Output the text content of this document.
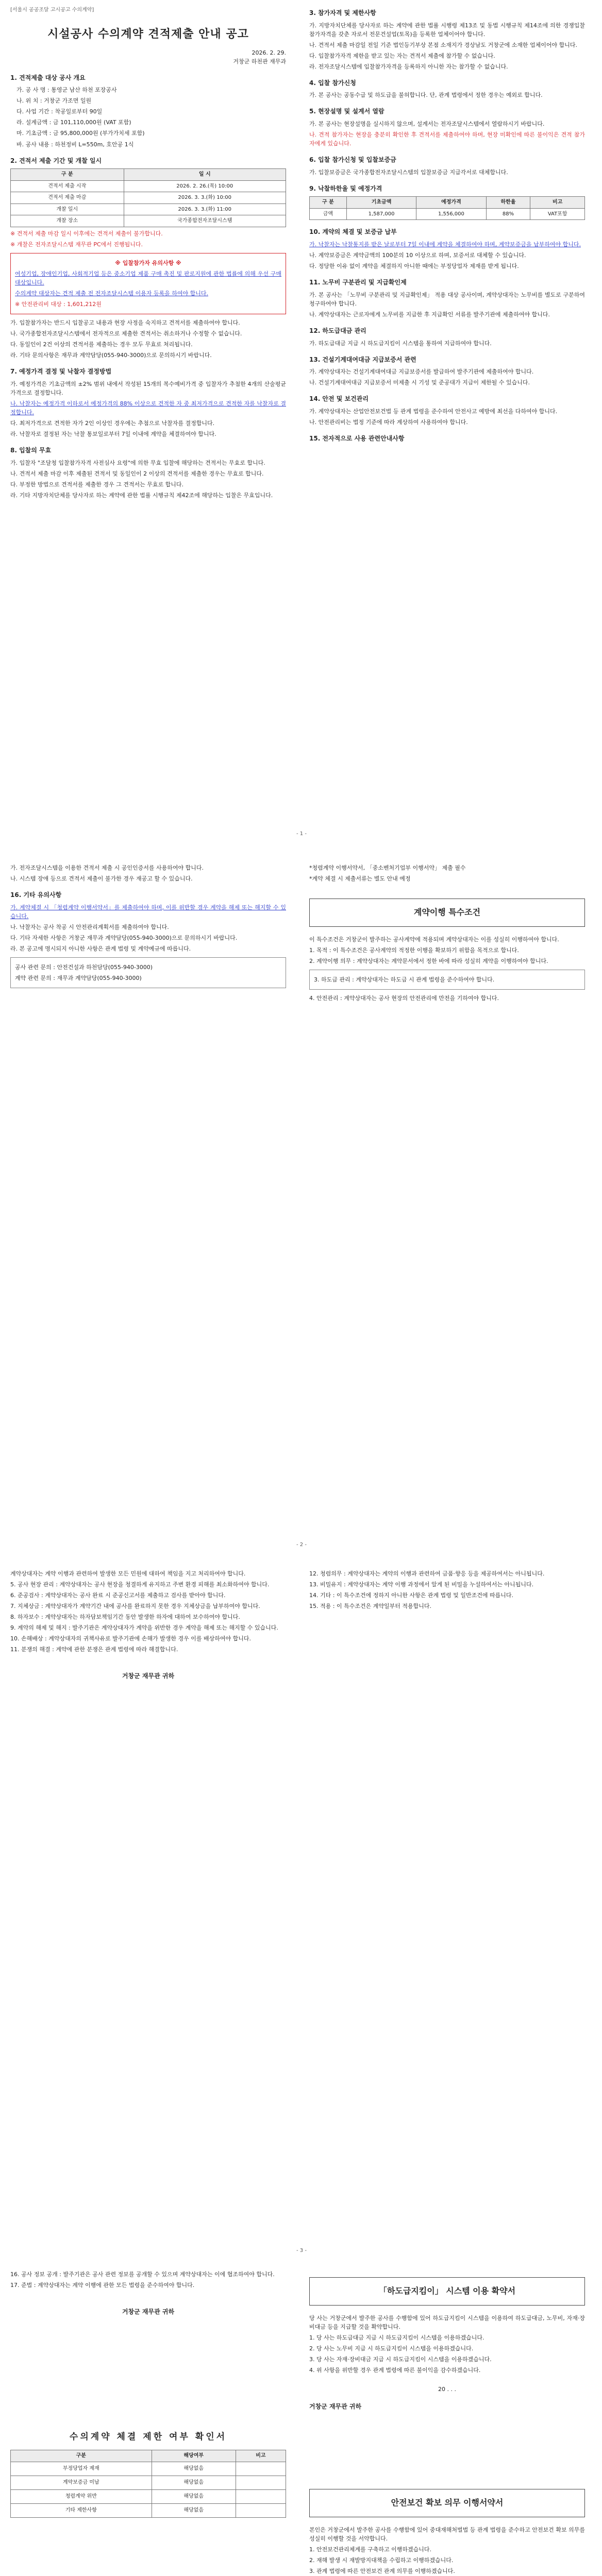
[서울시 공공조달 고시공고 수의계약]
시설공사 수의계약 견적제출 안내 공고
2026. 2. 29.
거창군 하천관 재무과
1. 견적제출 대상 공사 개요
가. 공 사 명 : 통영군 남산 하천 포장공사
나. 위 치 : 거창군 가조면 일원
다. 사업 기간 : 착공일로부터 90일
라. 설계금액 : 금 101,110,000원 (VAT 포함)
마. 기초금액 : 금 95,800,000원 (부가가치세 포함)
바. 공사 내용 : 하천정비 L=550m, 호안공 1식
2. 견적서 제출 기간 및 개찰 일시
구 분	일 시
견적서 제출 시작	2026. 2. 26.(목) 10:00
견적서 제출 마감	2026. 3. 3.(화) 10:00
개찰 일시	2026. 3. 3.(화) 11:00
개찰 장소	국가종합전자조달시스템
※ 견적서 제출 마감 일시 이후에는 견적서 제출이 불가합니다.
※ 개찰은 전자조달시스템 재무관 PC에서 진행됩니다.
※ 입찰참가자 유의사항 ※
여성기업, 장애인기업, 사회적기업 등은 중소기업 제품 구매 촉진 및 판로지원에 관한 법률에 의해 우선 구매 대상입니다.
수의계약 대상자는 견적 제출 전 전자조달시스템 이용자 등록을 하여야 합니다.
※ 안전관리비 대상 : 1,601,212원
가. 입찰참가자는 반드시 입찰공고 내용과 현장 사정을 숙지하고 견적서를 제출하여야 합니다.
나. 국가종합전자조달시스템에서 전자적으로 제출한 견적서는 취소하거나 수정할 수 없습니다.
다. 동일인이 2건 이상의 견적서를 제출하는 경우 모두 무효로 처리됩니다.
라. 기타 문의사항은 재무과 계약담당(055-940-3000)으로 문의하시기 바랍니다.
7. 예정가격 결정 및 낙찰자 결정방법
가. 예정가격은 기초금액의 ±2% 범위 내에서 작성된 15개의 복수예비가격 중 입찰자가 추첨한 4개의 산술평균 가격으로 결정합니다.
나. 낙찰자는 예정가격 이하로서 예정가격의 88% 이상으로 견적한 자 중 최저가격으로 견적한 자를 낙찰자로 결정합니다.
다. 최저가격으로 견적한 자가 2인 이상인 경우에는 추첨으로 낙찰자를 결정합니다.
라. 낙찰자로 결정된 자는 낙찰 통보일로부터 7일 이내에 계약을 체결하여야 합니다.
8. 입찰의 무효
가. 입찰자 "조달청 입찰참가자격 사전심사 요령"에 의한 무효 입찰에 해당하는 견적서는 무효로 합니다.
나. 견적서 제출 마감 이후 제출된 견적서 및 동일인이 2 이상의 견적서를 제출한 경우는 무효로 합니다.
다. 부정한 방법으로 견적서를 제출한 경우 그 견적서는 무효로 합니다.
라. 기타 지방자치단체를 당사자로 하는 계약에 관한 법률 시행규칙 제42조에 해당하는 입찰은 무효입니다.
3. 참가자격 및 제한사항
가. 지방자치단체를 당사자로 하는 계약에 관한 법률 시행령 제13조 및 동법 시행규칙 제14조에 의한 경쟁입찰 참가자격을 갖춘 자로서 전문건설업(토목)을 등록한 업체이어야 합니다.
나. 견적서 제출 마감일 전일 기준 법인등기부상 본점 소재지가 경상남도 거창군에 소재한 업체이어야 합니다.
다. 입찰참가자격 제한을 받고 있는 자는 견적서 제출에 참가할 수 없습니다.
라. 전자조달시스템에 입찰참가자격을 등록하지 아니한 자는 참가할 수 없습니다.
4. 입찰 참가신청
가. 본 공사는 공동수급 및 하도급을 불허합니다. 단, 관계 법령에서 정한 경우는 예외로 합니다.
5. 현장설명 및 설계서 열람
가. 본 공사는 현장설명을 실시하지 않으며, 설계서는 전자조달시스템에서 열람하시기 바랍니다.
나. 견적 참가자는 현장을 충분히 확인한 후 견적서를 제출하여야 하며, 현장 미확인에 따른 불이익은 견적 참가자에게 있습니다.
6. 입찰 참가신청 및 입찰보증금
가. 입찰보증금은 국가종합전자조달시스템의 입찰보증금 지급각서로 대체합니다.
9. 낙찰하한율 및 예정가격
구 분	기초금액	예정가격	하한율	비고
금액	1,587,000	1,556,000	88%	VAT포함
10. 계약의 체결 및 보증금 납부
가. 낙찰자는 낙찰통지를 받은 날로부터 7일 이내에 계약을 체결하여야 하며, 계약보증금을 납부하여야 합니다.
나. 계약보증금은 계약금액의 100분의 10 이상으로 하며, 보증서로 대체할 수 있습니다.
다. 정당한 이유 없이 계약을 체결하지 아니한 때에는 부정당업자 제재를 받게 됩니다.
11. 노무비 구분관리 및 지급확인제
가. 본 공사는 「노무비 구분관리 및 지급확인제」 적용 대상 공사이며, 계약상대자는 노무비를 별도로 구분하여 청구하여야 합니다.
나. 계약상대자는 근로자에게 노무비를 지급한 후 지급확인 서류를 발주기관에 제출하여야 합니다.
12. 하도급대금 관리
가. 하도급대금 지급 시 하도급지킴이 시스템을 통하여 지급하여야 합니다.
13. 건설기계대여대금 지급보증서 관련
가. 계약상대자는 건설기계대여대금 지급보증서를 발급하여 발주기관에 제출하여야 합니다.
나. 건설기계대여대금 지급보증서 미제출 시 기성 및 준공대가 지급이 제한될 수 있습니다.
14. 안전 및 보건관리
가. 계약상대자는 산업안전보건법 등 관계 법령을 준수하여 안전사고 예방에 최선을 다하여야 합니다.
나. 안전관리비는 법정 기준에 따라 계상하여 사용하여야 합니다.
15. 전자적으로 사용 관련안내사항
- 1 -
가. 전자조달시스템을 이용한 견적서 제출 시 공인인증서를 사용하여야 합니다.
나. 시스템 장애 등으로 견적서 제출이 불가한 경우 재공고 할 수 있습니다.
16. 기타 유의사항
가. 계약체결 시 「청렴계약 이행서약서」를 제출하여야 하며, 이를 위반할 경우 계약을 해제 또는 해지할 수 있습니다.
나. 낙찰자는 공사 착공 시 안전관리계획서를 제출하여야 합니다.
다. 기타 자세한 사항은 거창군 재무과 계약담당(055-940-3000)으로 문의하시기 바랍니다.
라. 본 공고에 명시되지 아니한 사항은 관계 법령 및 계약예규에 따릅니다.
공사 관련 문의 : 안전건설과 하천담당(055-940-3000)
계약 관련 문의 : 재무과 계약담당(055-940-3000)
*청렴계약 이행서약서, 「중소벤처기업부 이행서약」 제출 필수
*계약 체결 시 제출서류는 별도 안내 예정
계약이행 특수조건
이 특수조건은 거창군이 발주하는 공사계약에 적용되며 계약상대자는 이를 성실히 이행하여야 합니다.
1. 목적 : 이 특수조건은 공사계약의 적정한 이행을 확보하기 위함을 목적으로 합니다.
2. 계약이행 의무 : 계약상대자는 계약문서에서 정한 바에 따라 성실히 계약을 이행하여야 합니다.
3. 하도급 관리 : 계약상대자는 하도급 시 관계 법령을 준수하여야 합니다.
4. 안전관리 : 계약상대자는 공사 현장의 안전관리에 만전을 기하여야 합니다.
- 2 -
계약상대자는 계약 이행과 관련하여 발생한 모든 민원에 대하여 책임을 지고 처리하여야 합니다.
5. 공사 현장 관리 : 계약상대자는 공사 현장을 청결하게 유지하고 주변 환경 피해를 최소화하여야 합니다.
6. 준공검사 : 계약상대자는 공사 완료 시 준공신고서를 제출하고 검사를 받아야 합니다.
7. 지체상금 : 계약상대자가 계약기간 내에 공사를 완료하지 못한 경우 지체상금을 납부하여야 합니다.
8. 하자보수 : 계약상대자는 하자담보책임기간 동안 발생한 하자에 대하여 보수하여야 합니다.
9. 계약의 해제 및 해지 : 발주기관은 계약상대자가 계약을 위반한 경우 계약을 해제 또는 해지할 수 있습니다.
10. 손해배상 : 계약상대자의 귀책사유로 발주기관에 손해가 발생한 경우 이를 배상하여야 합니다.
11. 분쟁의 해결 : 계약에 관한 분쟁은 관계 법령에 따라 해결합니다.
거창군 재무관 귀하
12. 청렴의무 : 계약상대자는 계약의 이행과 관련하여 금품·향응 등을 제공하여서는 아니됩니다.
13. 비밀유지 : 계약상대자는 계약 이행 과정에서 알게 된 비밀을 누설하여서는 아니됩니다.
14. 기타 : 이 특수조건에 정하지 아니한 사항은 관계 법령 및 일반조건에 따릅니다.
15. 적용 : 이 특수조건은 계약일부터 적용합니다.
- 3 -
16. 공사 정보 공개 : 발주기관은 공사 관련 정보를 공개할 수 있으며 계약상대자는 이에 협조하여야 합니다.
17. 준법 : 계약상대자는 계약 이행에 관한 모든 법령을 준수하여야 합니다.
거창군 재무관 귀하
수의계약 체결 제한 여부 확인서
구분	해당여부	비고
부정당업자 제재	해당없음	
계약보증금 미납	해당없음	
청렴계약 위반	해당없음	
기타 제한사항	해당없음	
「하도급지킴이」 시스템 이용 확약서
당 사는 거창군에서 발주한 공사를 수행함에 있어 하도급지킴이 시스템을 이용하여 하도급대금, 노무비, 자재·장비대금 등을 지급할 것을 확약합니다.
1. 당 사는 하도급대금 지급 시 하도급지킴이 시스템을 이용하겠습니다.
2. 당 사는 노무비 지급 시 하도급지킴이 시스템을 이용하겠습니다.
3. 당 사는 자재·장비대금 지급 시 하도급지킴이 시스템을 이용하겠습니다.
4. 위 사항을 위반할 경우 관계 법령에 따른 불이익을 감수하겠습니다.
20 . . .
거창군 재무관 귀하
안전보건 확보 의무 이행서약서
본인은 거창군에서 발주한 공사를 수행함에 있어 중대재해처벌법 등 관계 법령을 준수하고 안전보건 확보 의무를 성실히 이행할 것을 서약합니다.
1. 안전보건관리체계를 구축하고 이행하겠습니다.
2. 재해 발생 시 재발방지대책을 수립하고 이행하겠습니다.
3. 관계 법령에 따른 안전보건 관계 의무를 이행하겠습니다.
